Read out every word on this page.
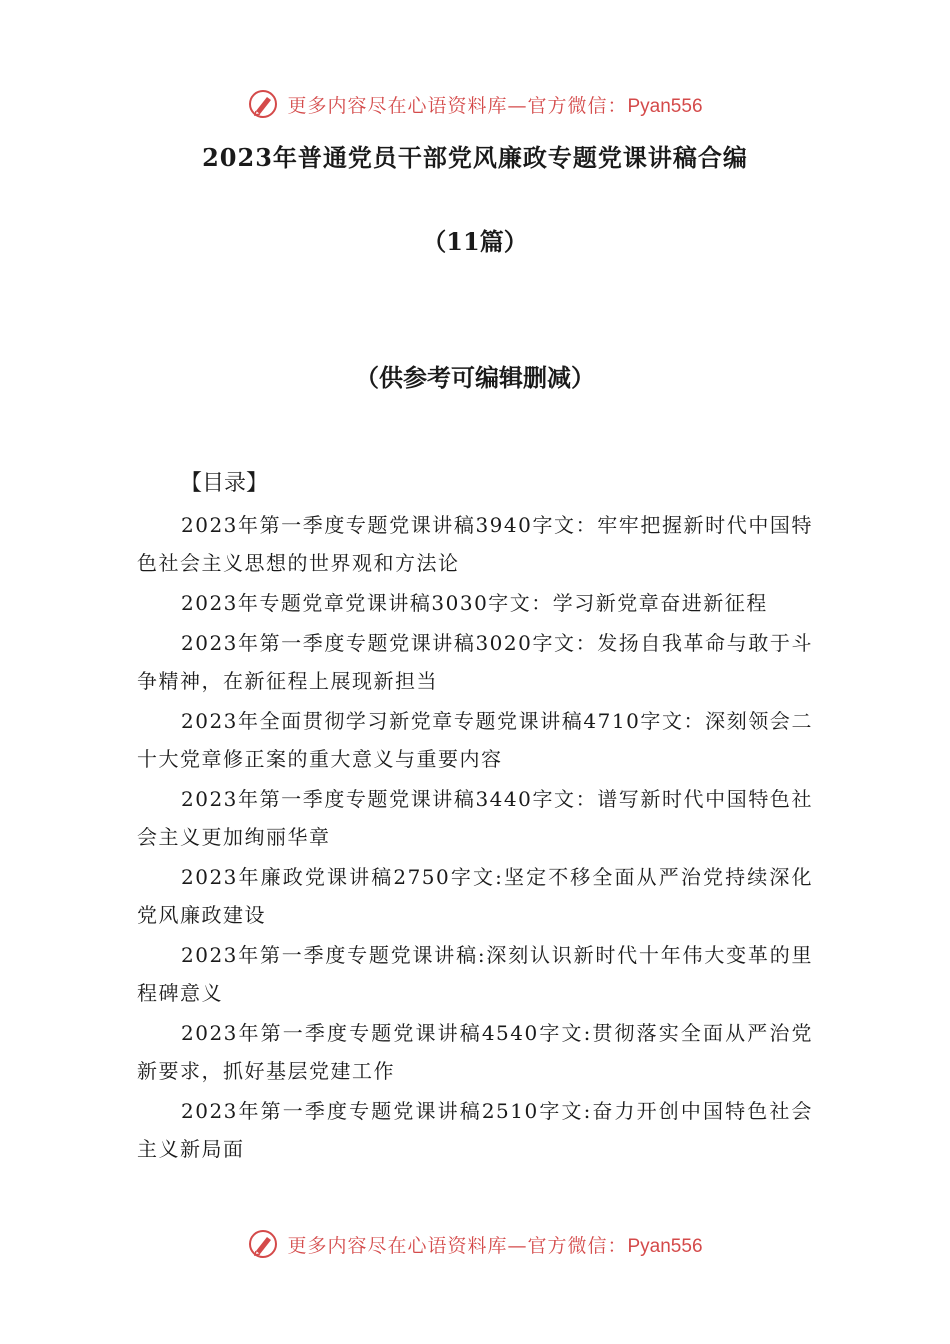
更多内容尽在心语资料库—官方微信：Pyan556
2023年普通党员干部党风廉政专题党课讲稿合编
（11篇）
（供参考可编辑删减）
【目录】
2023年第一季度专题党课讲稿3940字文：牢牢把握新时代中国特色社会主义思想的世界观和方法论
2023年专题党章党课讲稿3030字文：学习新党章奋进新征程
2023年第一季度专题党课讲稿3020字文：发扬自我革命与敢于斗争精神，在新征程上展现新担当
2023年全面贯彻学习新党章专题党课讲稿4710字文：深刻领会二十大党章修正案的重大意义与重要内容
2023年第一季度专题党课讲稿3440字文：谱写新时代中国特色社会主义更加绚丽华章
2023年廉政党课讲稿2750字文:坚定不移全面从严治党持续深化党风廉政建设
2023年第一季度专题党课讲稿:深刻认识新时代十年伟大变革的里程碑意义
2023年第一季度专题党课讲稿4540字文:贯彻落实全面从严治党新要求，抓好基层党建工作
2023年第一季度专题党课讲稿2510字文:奋力开创中国特色社会主义新局面
更多内容尽在心语资料库—官方微信：Pyan556
